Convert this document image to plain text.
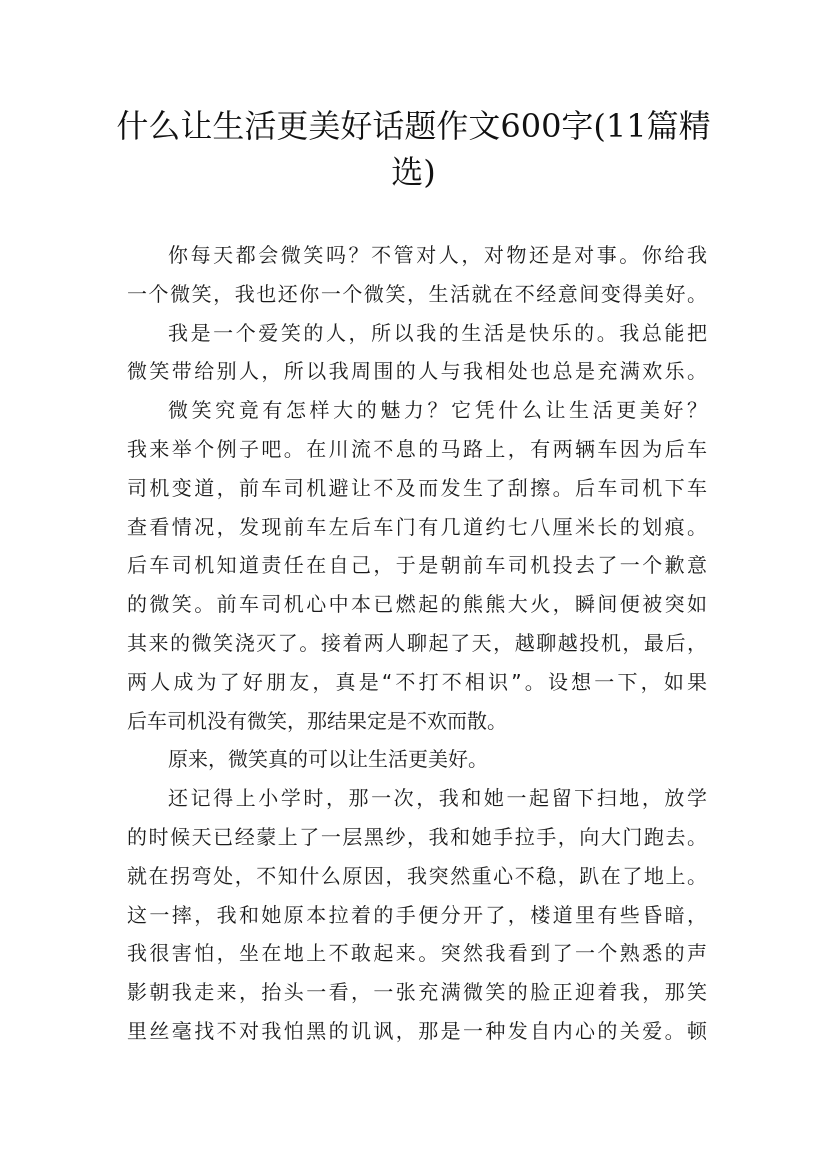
什么让生活更美好话题作文600字(11篇精
选)
你每天都会微笑吗？不管对人，对物还是对事。你给我
一个微笑，我也还你一个微笑，生活就在不经意间变得美好。
我是一个爱笑的人，所以我的生活是快乐的。我总能把
微笑带给别人，所以我周围的人与我相处也总是充满欢乐。
微笑究竟有怎样大的魅力？它凭什么让生活更美好？
我来举个例子吧。在川流不息的马路上，有两辆车因为后车
司机变道，前车司机避让不及而发生了刮擦。后车司机下车
查看情况，发现前车左后车门有几道约七八厘米长的划痕。
后车司机知道责任在自己，于是朝前车司机投去了一个歉意
的微笑。前车司机心中本已燃起的熊熊大火，瞬间便被突如
其来的微笑浇灭了。接着两人聊起了天，越聊越投机，最后，
两人成为了好朋友，真是“不打不相识”。设想一下，如果
后车司机没有微笑，那结果定是不欢而散。
原来，微笑真的可以让生活更美好。
还记得上小学时，那一次，我和她一起留下扫地，放学
的时候天已经蒙上了一层黑纱，我和她手拉手，向大门跑去。
就在拐弯处，不知什么原因，我突然重心不稳，趴在了地上。
这一摔，我和她原本拉着的手便分开了，楼道里有些昏暗，
我很害怕，坐在地上不敢起来。突然我看到了一个熟悉的声
影朝我走来，抬头一看，一张充满微笑的脸正迎着我，那笑
里丝毫找不对我怕黑的讥讽，那是一种发自内心的关爱。顿
